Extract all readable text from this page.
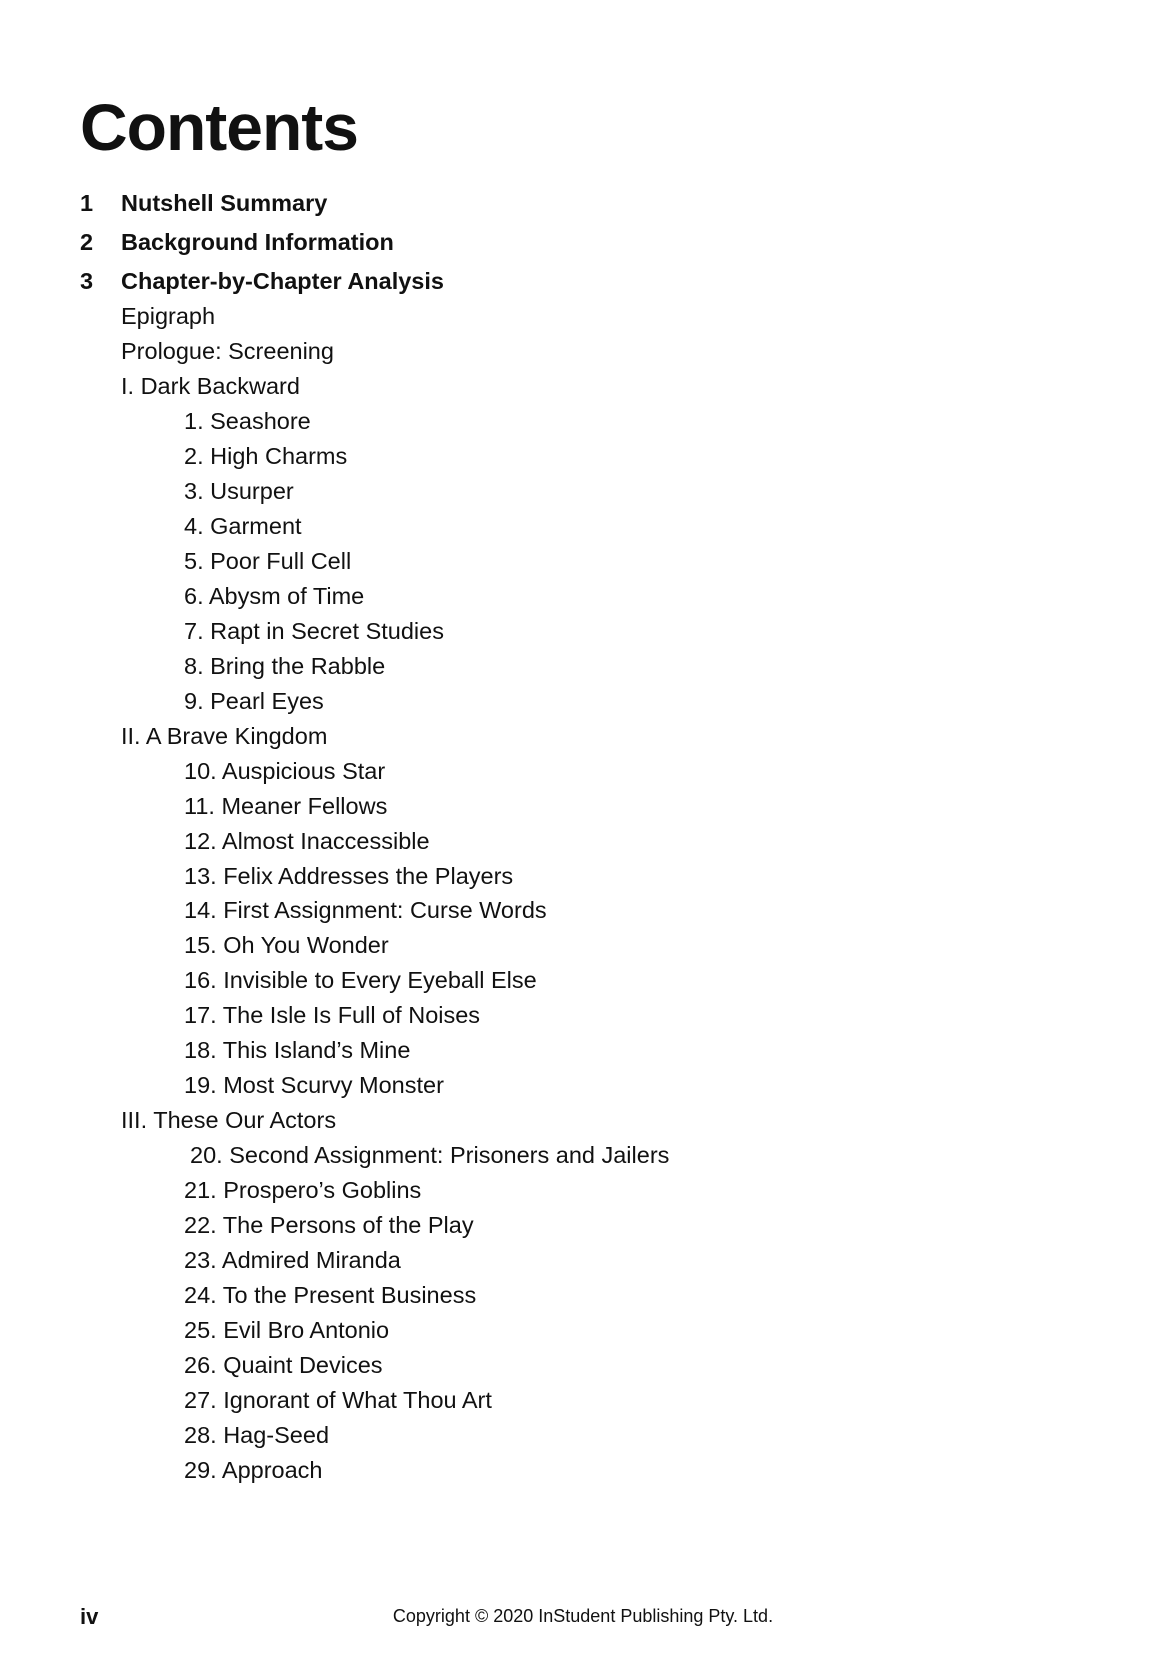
Contents
1 Nutshell Summary
2 Background Information
3 Chapter-by-Chapter Analysis
Epigraph
Prologue: Screening
I. Dark Backward
1. Seashore
2. High Charms
3. Usurper
4. Garment
5. Poor Full Cell
6. Abysm of Time
7. Rapt in Secret Studies
8. Bring the Rabble
9. Pearl Eyes
II. A Brave Kingdom
10. Auspicious Star
11. Meaner Fellows
12. Almost Inaccessible
13. Felix Addresses the Players
14. First Assignment: Curse Words
15. Oh You Wonder
16. Invisible to Every Eyeball Else
17. The Isle Is Full of Noises
18. This Island’s Mine
19. Most Scurvy Monster
III. These Our Actors
20. Second Assignment: Prisoners and Jailers
21. Prospero’s Goblins
22. The Persons of the Play
23. Admired Miranda
24. To the Present Business
25. Evil Bro Antonio
26. Quaint Devices
27. Ignorant of What Thou Art
28. Hag-Seed
29. Approach
iv	Copyright © 2020 InStudent Publishing Pty. Ltd.
